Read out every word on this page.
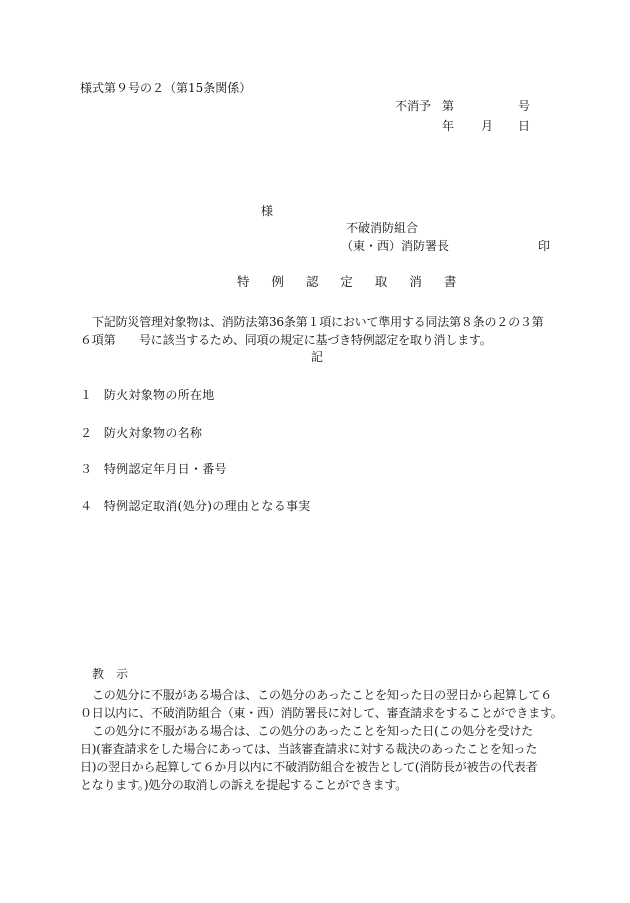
様式第９号の２（第15条関係）
不消予 第	号
年 月 日
様
不破消防組合
（東・西）消防署長	印
特 例 認 定 取 消 書
下記防災管理対象物は、消防法第36条第１項において準用する同法第８条の２の３第
６項第　　号に該当するため、同項の規定に基づき特例認定を取り消します。
記
１ 防火対象物の所在地
２ 防火対象物の名称
３ 特例認定年月日・番号
４ 特例認定取消(処分)の理由となる事実
教　示
この処分に不服がある場合は、この処分のあったことを知った日の翌日から起算して６
０日以内に、不破消防組合（東・西）消防署長に対して、審査請求をすることができます。
この処分に不服がある場合は、この処分のあったことを知った日(この処分を受けた
日)(審査請求をした場合にあっては、当該審査請求に対する裁決のあったことを知った
日)の翌日から起算して６か月以内に不破消防組合を被告として(消防長が被告の代表者
となります。)処分の取消しの訴えを提起することができます。
